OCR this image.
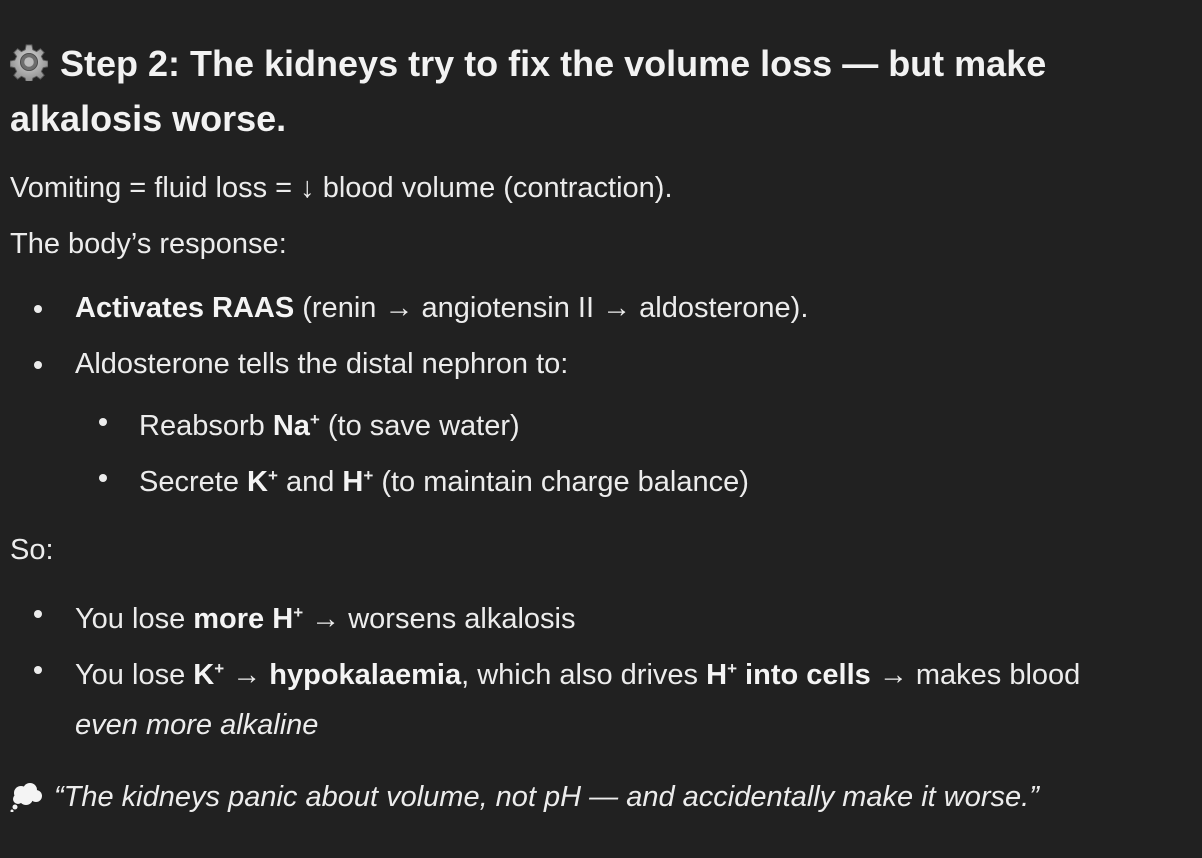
Step 2: The kidneys try to fix the volume loss — but make alkalosis worse.
Vomiting = fluid loss = ↓ blood volume (contraction).
The body’s response:
Activates RAAS (renin → angiotensin II → aldosterone).
Aldosterone tells the distal nephron to:
Reabsorb Na+ (to save water)
Secrete K+ and H+ (to maintain charge balance)
So:
You lose more H+ → worsens alkalosis
You lose K+ → hypokalaemia, which also drives H+ into cells → makes blood
even more alkaline
“The kidneys panic about volume, not pH — and accidentally make it worse.”
